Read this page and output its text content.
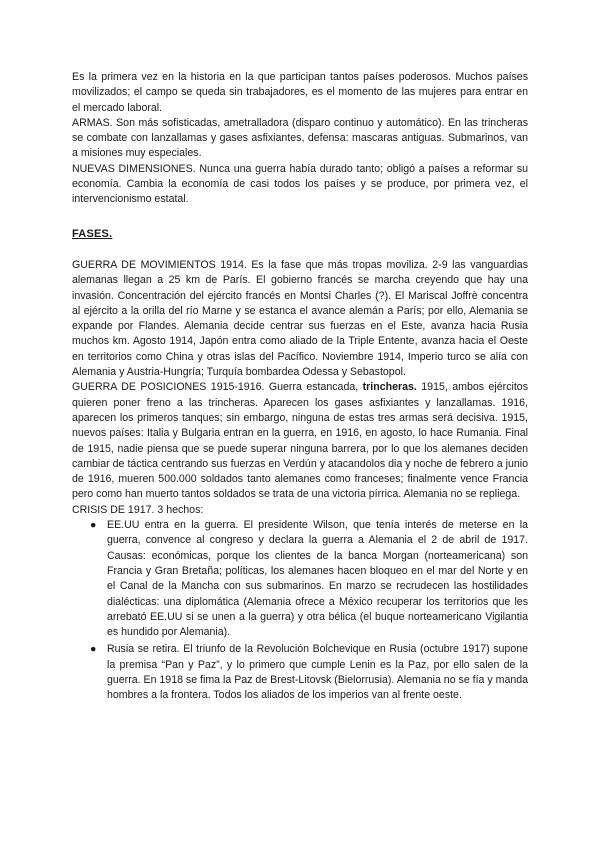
Es la primera vez en la historia en la que participan tantos países poderosos. Muchos países movilizados; el campo se queda sin trabajadores, es el momento de las mujeres para entrar en el mercado laboral.

ARMAS. Son más sofisticadas, ametralladora (disparo continuo y automático). En las trincheras se combate con lanzallamas y gases asfixiantes, defensa: mascaras antiguas. Submarinos, van a misiones muy especiales.

NUEVAS DIMENSIONES. Nunca una guerra había durado tanto; obligó a países a reformar su economía. Cambia la economía de casi todos los países y se produce, por primera vez, el intervencionismo estatal.

FASES.

GUERRA DE MOVIMIENTOS 1914. Es la fase que más tropas moviliza. 2-9 las vanguardias alemanas llegan a 25 km de París. El gobierno francés se marcha creyendo que hay una invasión. Concentración del ejército francés en Montsi Charles (?). El Mariscal Joffrè concentra al ejército a la orilla del río Marne y se estanca el avance alemán a París; por ello, Alemania se expande por Flandes. Alemania decide centrar sus fuerzas en el Este, avanza hacia Rusia muchos km. Agosto 1914, Japón entra como aliado de la Triple Entente, avanza hacia el Oeste en territorios como China y otras islas del Pacífico. Noviembre 1914, Imperio turco se alía con Alemania y Austria-Hungría; Turquía bombardea Odessa y Sebastopol.

GUERRA DE POSICIONES 1915-1916. Guerra estancada, trincheras. 1915, ambos ejércitos quieren poner freno a las trincheras. Aparecen los gases asfixiantes y lanzallamas. 1916, aparecen los primeros tanques; sin embargo, ninguna de estas tres armas será decisiva. 1915, nuevos países: Italia y Bulgaria entran en la guerra, en 1916, en agosto, lo hace Rumania. Final de 1915, nadie piensa que se puede superar ninguna barrera, por lo que los alemanes deciden cambiar de táctica centrando sus fuerzas en Verdún y atacandolos dia y noche de febrero a junio de 1916, mueren 500.000 soldados tanto alemanes como franceses; finalmente vence Francia pero como han muerto tantos soldados se trata de una victoria pírrica. Alemania no se repliega.

CRISIS DE 1917. 3 hechos:

● EE.UU entra en la guerra. El presidente Wilson, que tenía interés de meterse en la guerra, convence al congreso y declara la guerra a Alemania el 2 de abril de 1917. Causas: económicas, porque los clientes de la banca Morgan (norteamericana) son Francia y Gran Bretaña; políticas, los alemanes hacen bloqueo en el mar del Norte y en el Canal de la Mancha con sus submarinos. En marzo se recrudecen las hostilidades dialécticas: una diplomática (Alemania ofrece a México recuperar los territorios que les arrebató EE.UU si se unen a la guerra) y otra bélica (el buque norteamericano Vigilantia es hundido por Alemania).
● Rusia se retira. El triunfo de la Revolución Bolchevique en Rusia (octubre 1917) supone la premisa “Pan y Paz”, y lo primero que cumple Lenin es la Paz, por ello salen de la guerra. En 1918 se fima la Paz de Brest-Litovsk (Bielorrusia). Alemania no se fía y manda hombres a la frontera. Todos los aliados de los imperios van al frente oeste.
